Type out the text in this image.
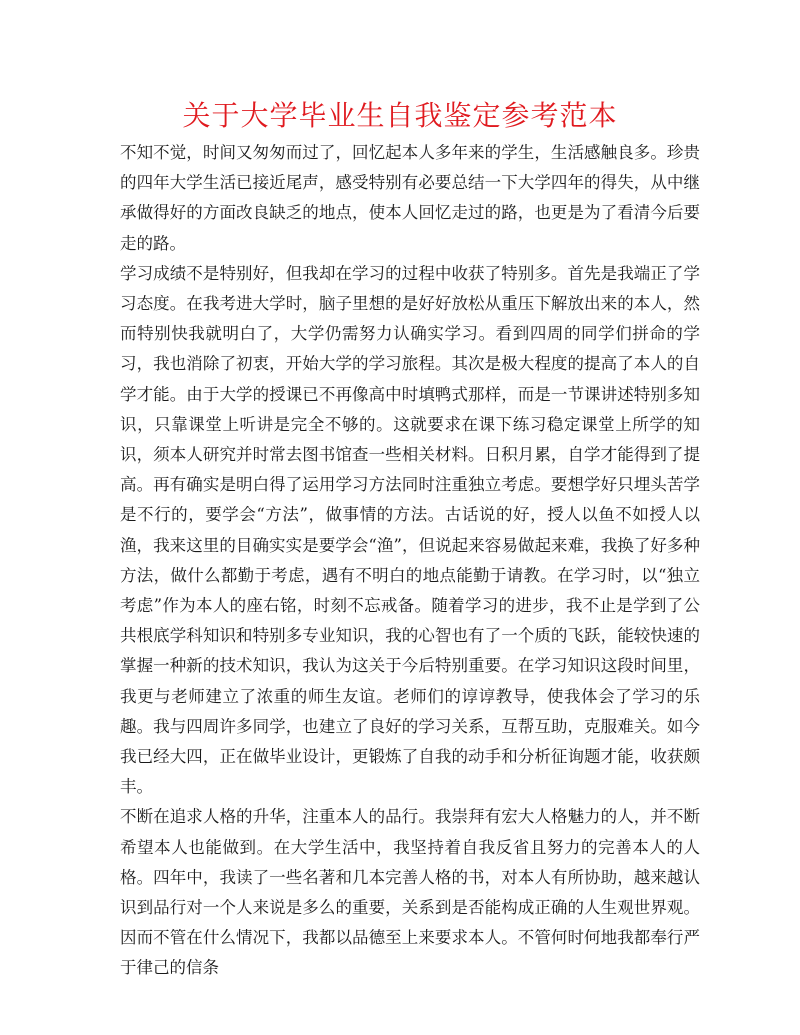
关于大学毕业生自我鉴定参考范本

不知不觉，时间又匆匆而过了，回忆起本人多年来的学生，生活感触良多。珍贵的四年大学生活已接近尾声，感受特别有必要总结一下大学四年的得失，从中继承做得好的方面改良缺乏的地点，使本人回忆走过的路，也更是为了看清今后要走的路。

学习成绩不是特别好，但我却在学习的过程中收获了特别多。首先是我端正了学习态度。在我考进大学时，脑子里想的是好好放松从重压下解放出来的本人，然而特别快我就明白了，大学仍需努力认确实学习。看到四周的同学们拼命的学习，我也消除了初衷，开始大学的学习旅程。其次是极大程度的提高了本人的自学才能。由于大学的授课已不再像高中时填鸭式那样，而是一节课讲述特别多知识，只靠课堂上听讲是完全不够的。这就要求在课下练习稳定课堂上所学的知识，须本人研究并时常去图书馆查一些相关材料。日积月累，自学才能得到了提高。再有确实是明白得了运用学习方法同时注重独立考虑。要想学好只埋头苦学是不行的，要学会“方法”，做事情的方法。古话说的好，授人以鱼不如授人以渔，我来这里的目确实实是要学会“渔”，但说起来容易做起来难，我换了好多种方法，做什么都勤于考虑，遇有不明白的地点能勤于请教。在学习时，以“独立考虑”作为本人的座右铭，时刻不忘戒备。随着学习的进步，我不止是学到了公共根底学科知识和特别多专业知识，我的心智也有了一个质的飞跃，能较快速的掌握一种新的技术知识，我认为这关于今后特别重要。在学习知识这段时间里，我更与老师建立了浓重的师生友谊。老师们的谆谆教导，使我体会了学习的乐趣。我与四周许多同学，也建立了良好的学习关系，互帮互助，克服难关。如今我已经大四，正在做毕业设计，更锻炼了自我的动手和分析征询题才能，收获颇丰。

不断在追求人格的升华，注重本人的品行。我崇拜有宏大人格魅力的人，并不断希望本人也能做到。在大学生活中，我坚持着自我反省且努力的完善本人的人格。四年中，我读了一些名著和几本完善人格的书，对本人有所协助，越来越认识到品行对一个人来说是多么的重要，关系到是否能构成正确的人生观世界观。因而不管在什么情况下，我都以品德至上来要求本人。不管何时何地我都奉行严于律己的信条
